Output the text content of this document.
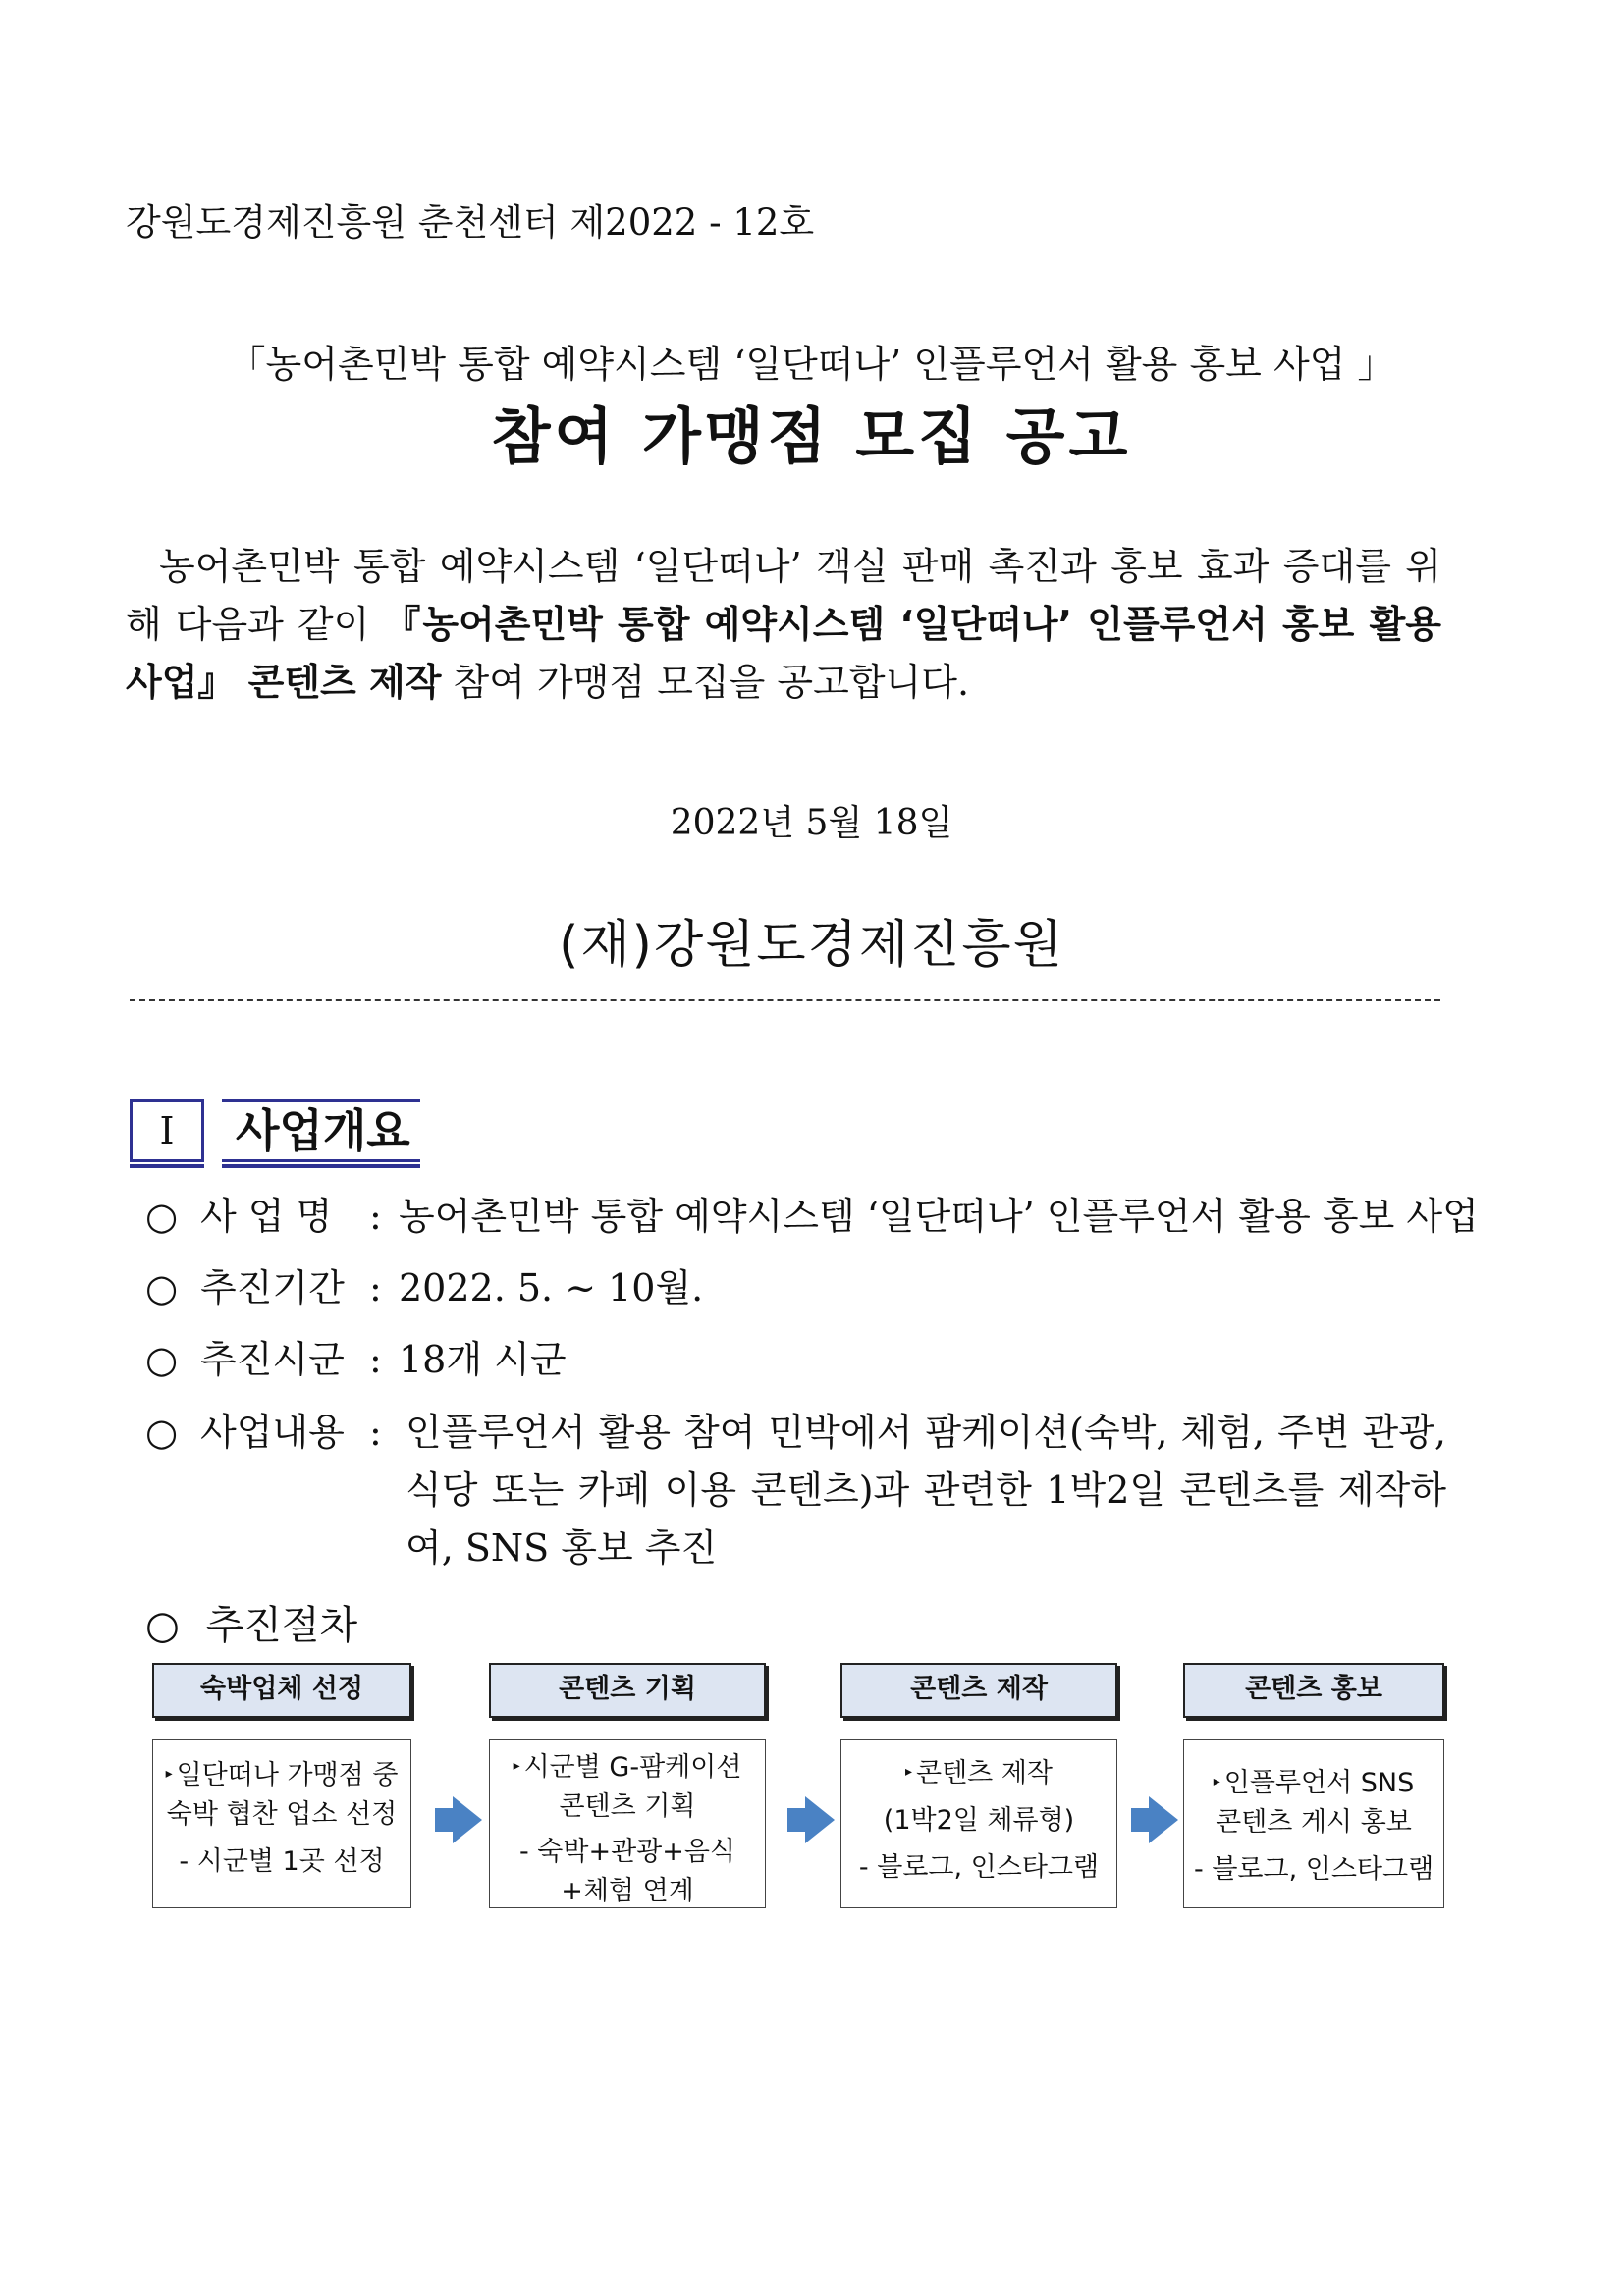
강원도경제진흥원 춘천센터 제2022 - 12호
「농어촌민박 통합 예약시스템 ‘일단떠나’ 인플루언서 활용 홍보 사업 」
참여 가맹점 모집 공고

농어촌민박 통합 예약시스템 ‘일단떠나’ 객실 판매 촉진과 홍보 효과 증대를 위해 다음과 같이 『농어촌민박 통합 예약시스템 ‘일단떠나’ 인플루언서 홍보 활용 사업』 콘텐츠 제작 참여 가맹점 모집을 공고합니다.

2022년 5월 18일
(재)강원도경제진흥원
I	사업개요
○ 사 업 명 : 농어촌민박 통합 예약시스템 ‘일단떠나’ 인플루언서 활용 홍보 사업
○ 추진기간 : 2022. 5. ~ 10월.
○ 추진시군 : 18개 시군
○ 사업내용 : 인플루언서 활용 참여 민박에서 팜케이션(숙박, 체험, 주변 관광, 식당 또는 카페 이용 콘텐츠)과 관련한 1박2일 콘텐츠를 제작하여, SNS 홍보 추진
○ 추진절차
숙박업체 선정
▸ 일단떠나 가맹점 중
숙박 협찬 업소 선정
- 시군별 1곳 선정
콘텐츠 기획
▸ 시군별 G-팜케이션
콘텐츠 기획
- 숙박+관광+음식
+체험 연계
콘텐츠 제작
▸ 콘텐츠 제작
(1박2일 체류형)
- 블로그, 인스타그램
콘텐츠 홍보
▸ 인플루언서 SNS
콘텐츠 게시 홍보
- 블로그, 인스타그램
